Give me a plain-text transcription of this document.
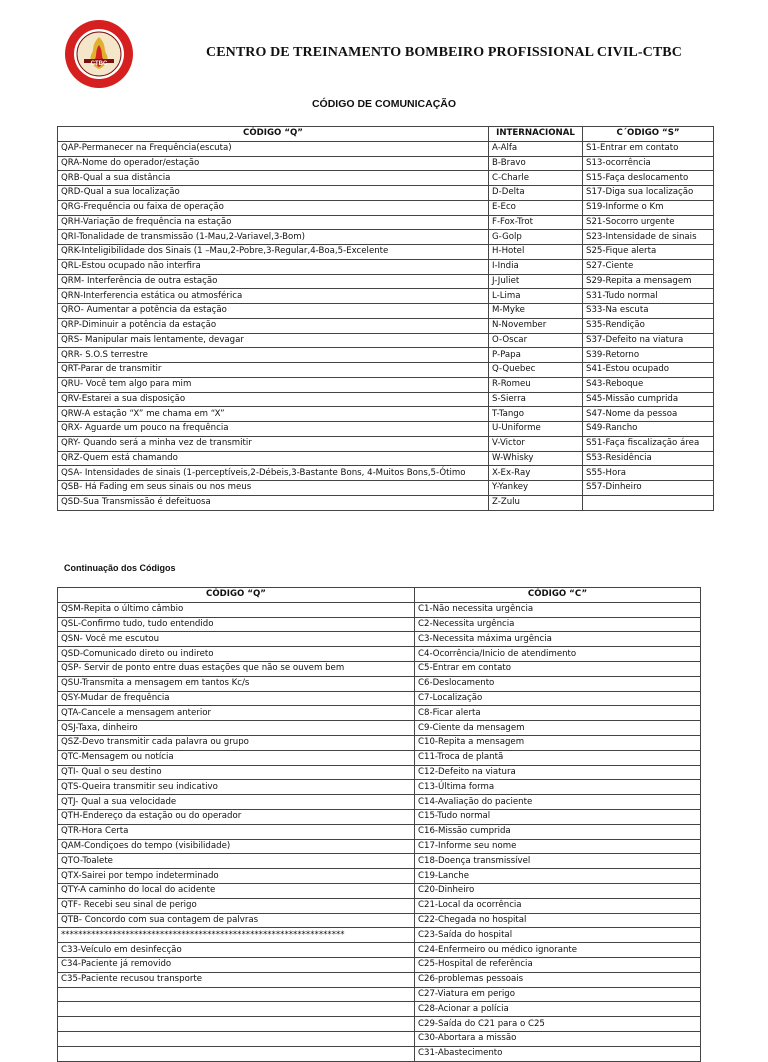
CTBC
CENTRO DE TREINAMENTO BOMBEIRO PROFISSIONAL CIVIL-CTBC
CÓDIGO DE COMUNICAÇÃO
CÓDIGO “Q”	INTERNACIONAL	C´ODIGO “S”
QAP-Permanecer na Frequência(escuta)	A-Alfa	S1-Entrar em contato
QRA-Nome do operador/estação	B-Bravo	S13-ocorrência
QRB-Qual a sua distância	C-Charle	S15-Faça deslocamento
QRD-Qual a sua localização	D-Delta	S17-Diga sua localização
QRG-Frequência ou faixa de operação	E-Eco	S19-Informe o Km
QRH-Variação de frequência na estação	F-Fox-Trot	S21-Socorro urgente
QRI-Tonalidade de transmissão (1-Mau,2-Variavel,3-Bom)	G-Golp	S23-Intensidade de sinais
QRK-Inteligibilidade dos Sinais (1 –Mau,2-Pobre,3-Regular,4-Boa,5-Excelente	H-Hotel	S25-Fique alerta
QRL-Estou ocupado não interfira	I-India	S27-Ciente
QRM- Interferência de outra estação	J-Juliet	S29-Repita a mensagem
QRN-Interferencia estática ou atmosférica	L-Lima	S31-Tudo normal
QRO- Aumentar a potência da estação	M-Myke	S33-Na escuta
QRP-Diminuir a potência da estação	N-November	S35-Rendição
QRS- Manipular mais lentamente, devagar	O-Oscar	S37-Defeito na viatura
QRR- S.O.S terrestre	P-Papa	S39-Retorno
QRT-Parar de transmitir	Q-Quebec	S41-Estou ocupado
QRU- Você tem algo para mim	R-Romeu	S43-Reboque
QRV-Estarei a sua disposição	S-Sierra	S45-Missão cumprida
QRW-A estação “X” me chama em “X”	T-Tango	S47-Nome da pessoa
QRX- Aguarde um pouco na frequência	U-Uniforme	S49-Rancho
QRY- Quando será a minha vez de transmitir	V-Victor	S51-Faça fiscalização área
QRZ-Quem está chamando	W-Whisky	S53-Residência
QSA- Intensidades de sinais (1-perceptíveis,2-Débeis,3-Bastante Bons, 4-Muitos Bons,5-Ótimo	X-Ex-Ray	S55-Hora
QSB- Há Fading em seus sinais ou nos meus	Y-Yankey	S57-Dinheiro
QSD-Sua Transmissão é defeituosa	Z-Zulu	
Continuação dos Códigos
CÓDIGO “Q”	CÓDIGO “C”
QSM-Repita o último câmbio	C1-Não necessita urgência
QSL-Confirmo tudo, tudo entendido	C2-Necessita urgência
QSN- Você me escutou	C3-Necessita máxima urgência
QSD-Comunicado direto ou indireto	C4-Ocorrência/Inicio de atendimento
QSP- Servir de ponto entre duas estações que não se ouvem bem	C5-Entrar em contato
QSU-Transmita a mensagem em tantos Kc/s	C6-Deslocamento
QSY-Mudar de frequência	C7-Localização
QTA-Cancele a mensagem anterior	C8-Ficar alerta
QSJ-Taxa, dinheiro	C9-Ciente da mensagem
QSZ-Devo transmitir cada palavra ou grupo	C10-Repita a mensagem
QTC-Mensagem ou notícia	C11-Troca de plantã
QTI- Qual o seu destino	C12-Defeito na viatura
QTS-Queira transmitir seu indicativo	C13-Última forma
QTJ- Qual a sua velocidade	C14-Avaliação do paciente
QTH-Endereço da estação ou do operador	C15-Tudo normal
QTR-Hora Certa	C16-Missão cumprida
QAM-Condiçoes do tempo (visibilidade)	C17-Informe seu nome
QTO-Toalete	C18-Doença transmissível
QTX-Sairei por tempo indeterminado	C19-Lanche
QTY-A caminho do local do acidente	C20-Dinheiro
QTF- Recebi seu sinal de perigo	C21-Local da ocorrência
QTB- Concordo com sua contagem de palvras	C22-Chegada no hospital
******************************************************************	C23-Saída do hospital
C33-Veículo em desinfecção	C24-Enfermeiro ou médico ignorante
C34-Paciente já removido	C25-Hospital de referência
C35-Paciente recusou transporte	C26-problemas pessoais
	C27-Viatura em perigo
	C28-Acionar a polícia
	C29-Saída do C21 para o C25
	C30-Abortara a missão
	C31-Abastecimento
